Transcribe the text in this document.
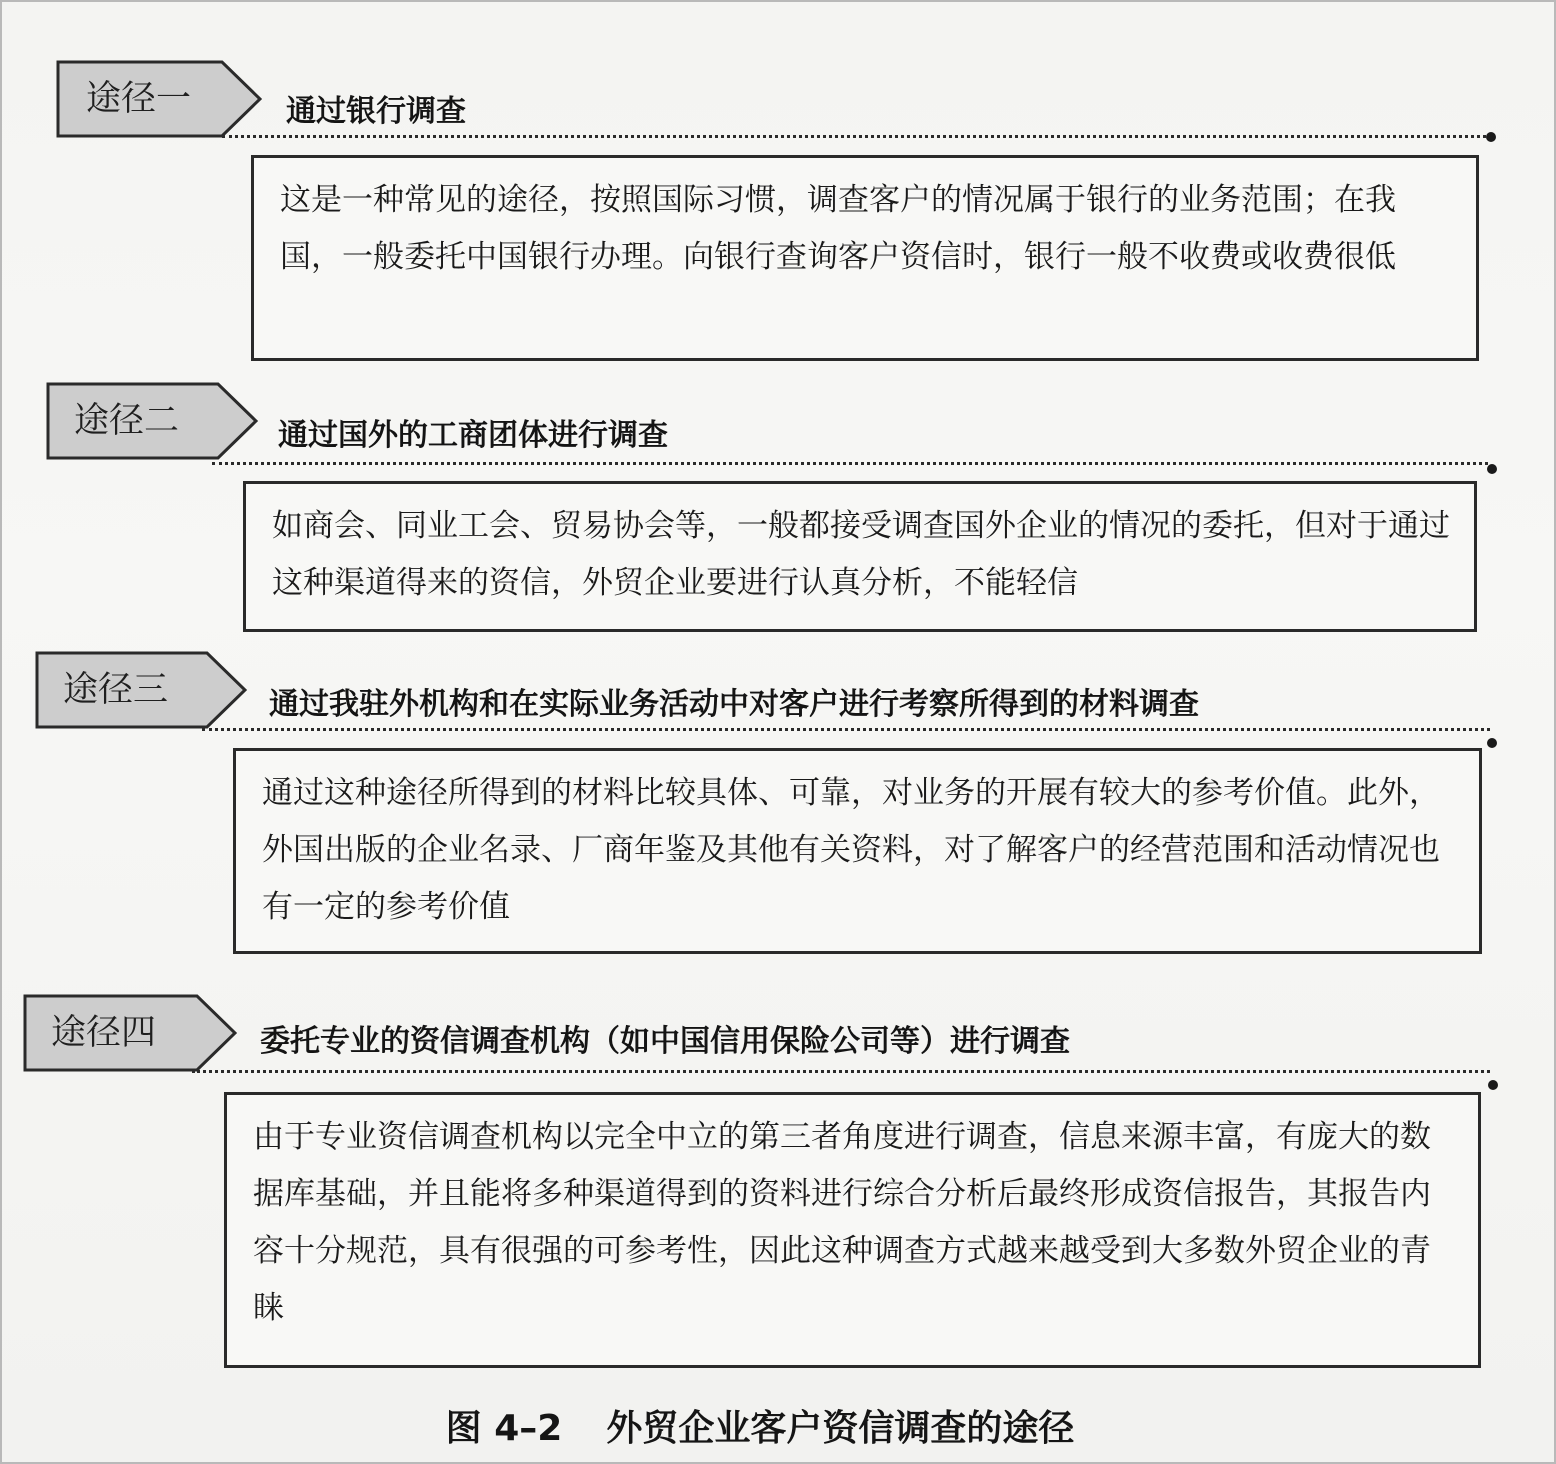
途径一	通过银行调查
这是一种常见的途径，按照国际习惯，调查客户的情况属于银行的业务范围；在我国，一般委托中国银行办理。向银行查询客户资信时，银行一般不收费或收费很低
途径二	通过国外的工商团体进行调查
如商会、同业工会、贸易协会等，一般都接受调查国外企业的情况的委托，但对于通过这种渠道得来的资信，外贸企业要进行认真分析，不能轻信
途径三	通过我驻外机构和在实际业务活动中对客户进行考察所得到的材料调查
通过这种途径所得到的材料比较具体、可靠，对业务的开展有较大的参考价值。此外，外国出版的企业名录、厂商年鉴及其他有关资料，对了解客户的经营范围和活动情况也有一定的参考价值
途径四	委托专业的资信调查机构（如中国信用保险公司等）进行调查
由于专业资信调查机构以完全中立的第三者角度进行调查，信息来源丰富，有庞大的数据库基础，并且能将多种渠道得到的资料进行综合分析后最终形成资信报告，其报告内容十分规范，具有很强的可参考性，因此这种调查方式越来越受到大多数外贸企业的青睐
图 4–2 外贸企业客户资信调查的途径
